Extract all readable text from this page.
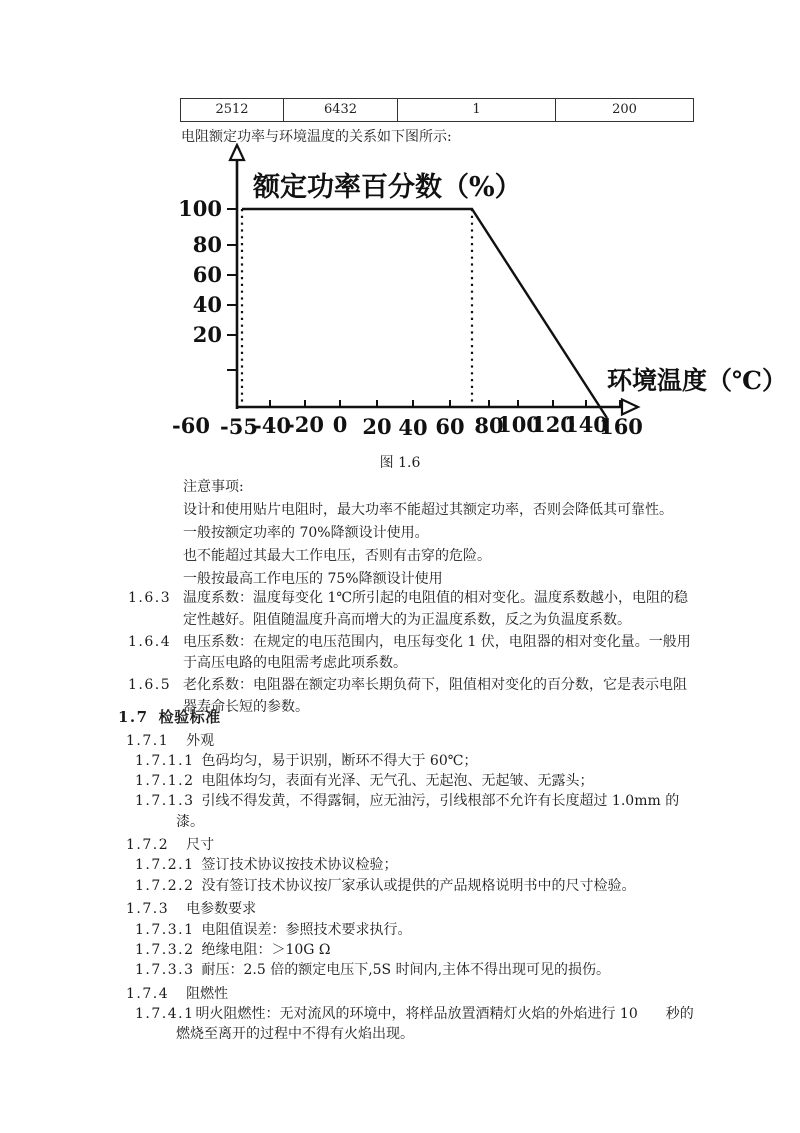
2512	6432	1	200
电阻额定功率与环境温度的关系如下图所示:
100
80
60
40
20
-60 -55
-40
-20 0 20 40 60 80
100
120
140
160
额定功率百分数（%）
环境温度（℃）
图 1.6
注意事项:
设计和使用贴片电阻时，最大功率不能超过其额定功率，否则会降低其可靠性。
一般按额定功率的 70%降额设计使用。
也不能超过其最大工作电压，否则有击穿的危险。
一般按最高工作电压的 75%降额设计使用
1.6.3 温度系数：温度每变化 1℃所引起的电阻值的相对变化。温度系数越小，电阻的稳定性越好。阻值随温度升高而增大的为正温度系数，反之为负温度系数。
1.6.4 电压系数：在规定的电压范围内，电压每变化 1 伏，电阻器的相对变化量。一般用于高压电路的电阻需考虑此项系数。
1.6.5 老化系数：电阻器在额定功率长期负荷下，阻值相对变化的百分数，它是表示电阻器寿命长短的参数。
1.7 检验标准
1.7.1 外观
1.7.1.1 色码均匀，易于识别，断环不得大于 60℃；
1.7.1.2 电阻体均匀，表面有光泽、无气孔、无起泡、无起皱、无露头；
1.7.1.3 引线不得发黄，不得露铜，应无油污，引线根部不允许有长度超过 1.0mm 的漆。
1.7.2 尺寸
1.7.2.1 签订技术协议按技术协议检验；
1.7.2.2 没有签订技术协议按厂家承认或提供的产品规格说明书中的尺寸检验。
1.7.3 电参数要求
1.7.3.1 电阻值误差：参照技术要求执行。
1.7.3.2 绝缘电阻：＞10G Ω
1.7.3.3 耐压：2.5 倍的额定电压下,5S 时间内,主体不得出现可见的损伤。
1.7.4 阻燃性
1.7.4.1明火阻燃性：无对流风的环境中，将样品放置酒精灯火焰的外焰进行 10　　秒的燃烧至离开的过程中不得有火焰出现。
